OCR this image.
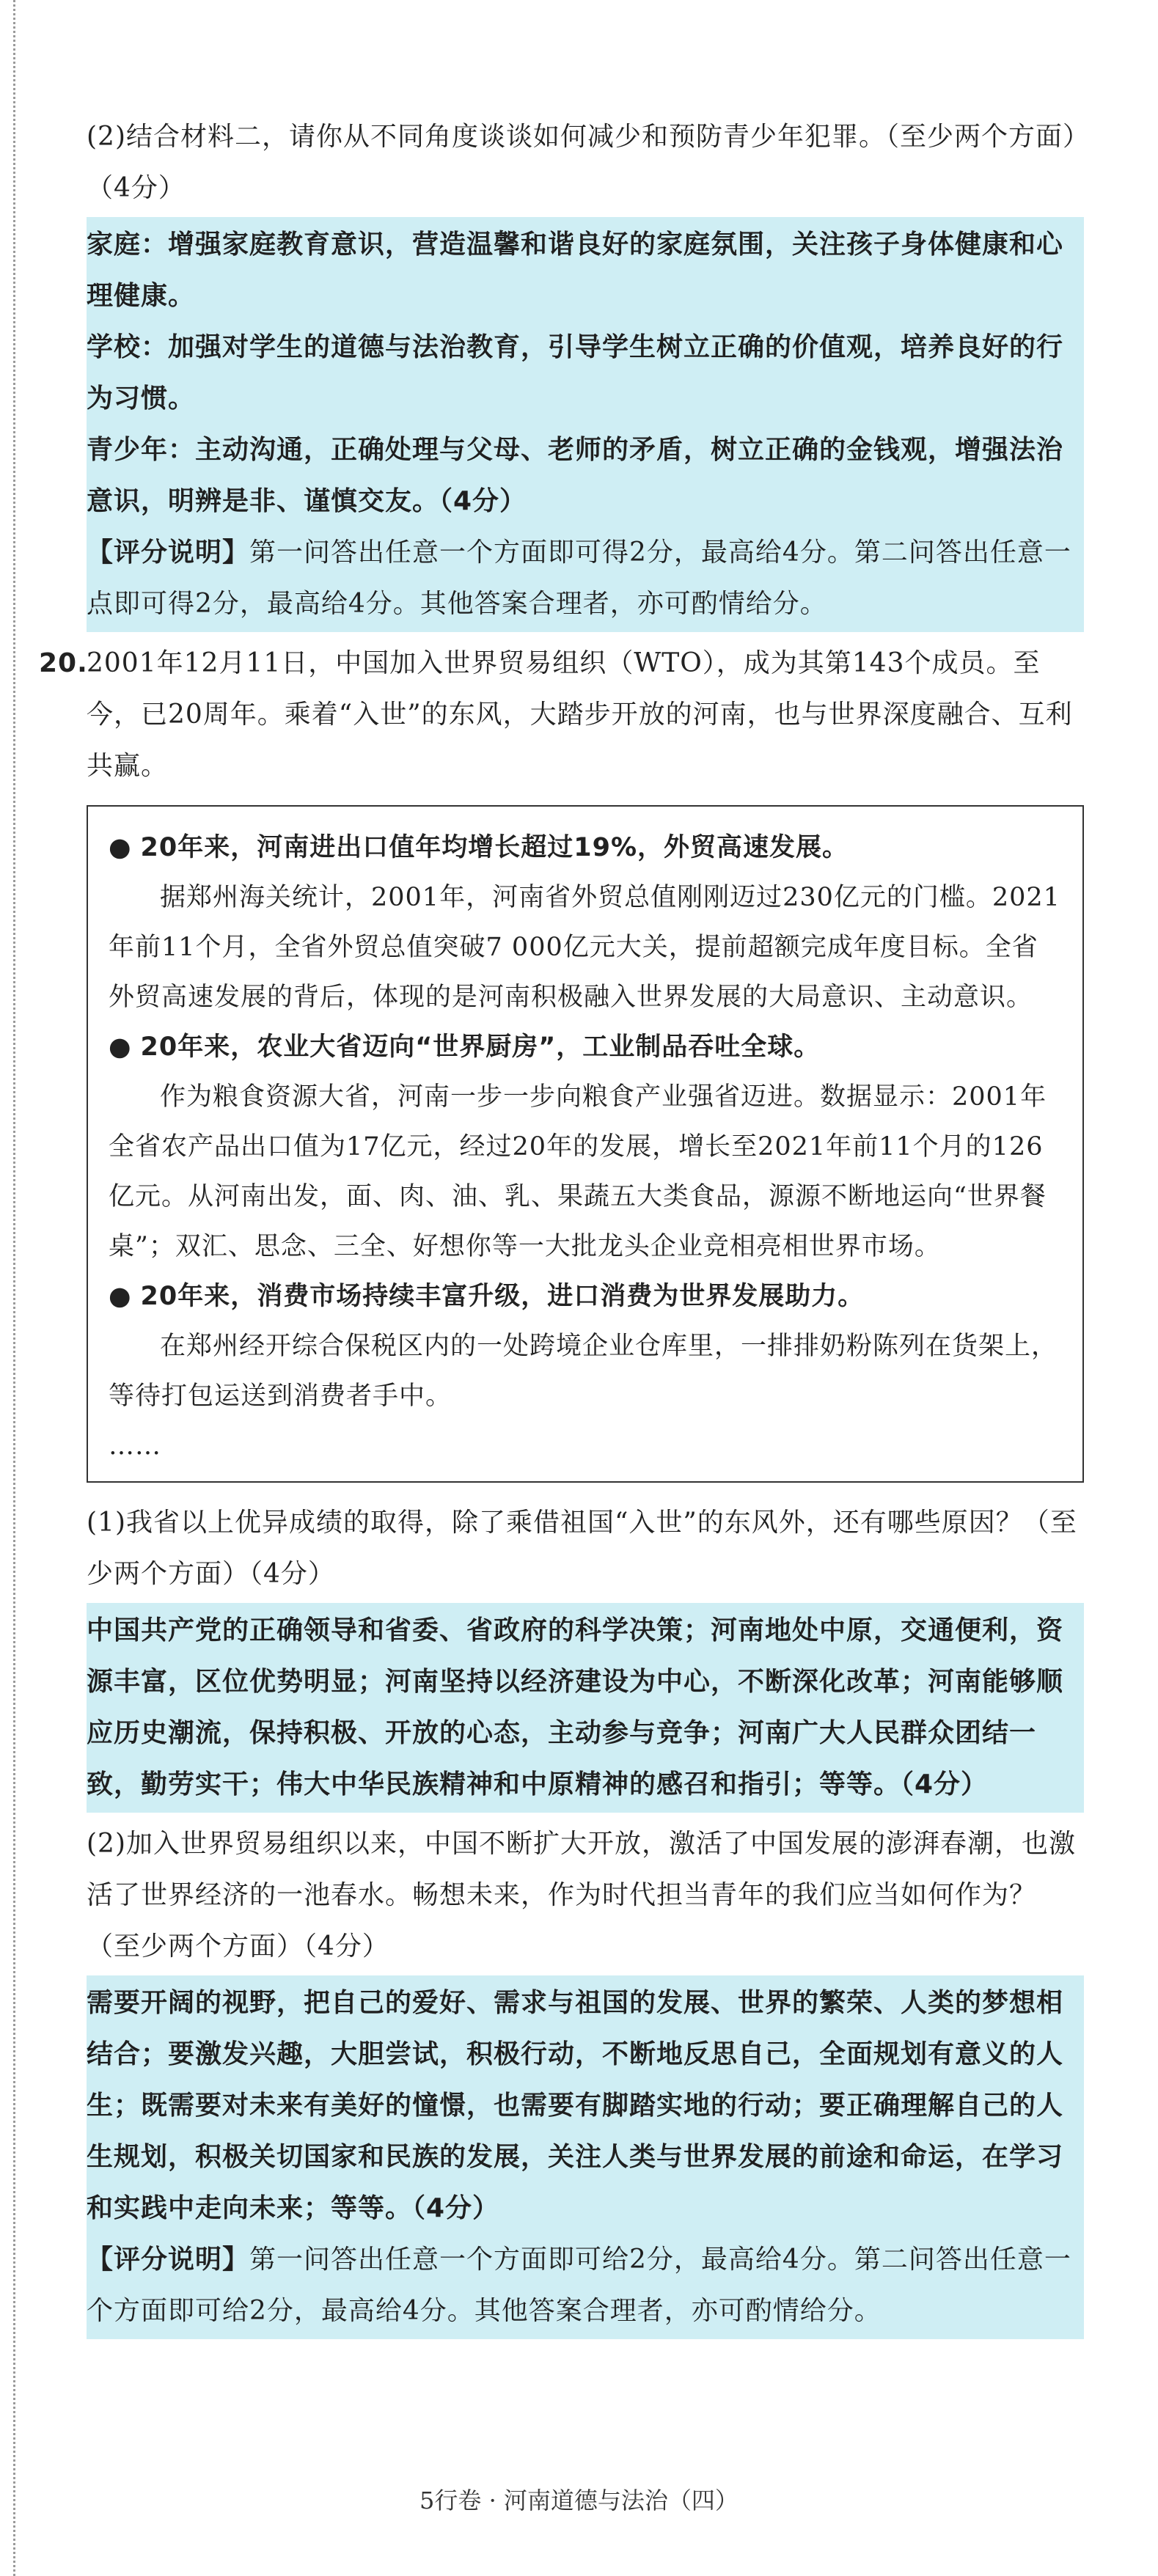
(2)结合材料二，请你从不同角度谈谈如何减少和预防青少年犯罪。（至少两个方面）（4分）

家庭：增强家庭教育意识，营造温馨和谐良好的家庭氛围，关注孩子身体健康和心理健康。

学校：加强对学生的道德与法治教育，引导学生树立正确的价值观，培养良好的行为习惯。

青少年：主动沟通，正确处理与父母、老师的矛盾，树立正确的金钱观，增强法治意识，明辨是非、谨慎交友。（4分）

【评分说明】第一问答出任意一个方面即可得2分，最高给4分。第二问答出任意一点即可得2分，最高给4分。其他答案合理者，亦可酌情给分。

20.

2001年12月11日，中国加入世界贸易组织（WTO），成为其第143个成员。至今，已20周年。乘着“入世”的东风，大踏步开放的河南，也与世界深度融合、互利共赢。

● 20年来，河南进出口值年均增长超过19%，外贸高速发展。

据郑州海关统计，2001年，河南省外贸总值刚刚迈过230亿元的门槛。2021年前11个月，全省外贸总值突破7 000亿元大关，提前超额完成年度目标。全省外贸高速发展的背后，体现的是河南积极融入世界发展的大局意识、主动意识。

● 20年来，农业大省迈向“世界厨房”，工业制品吞吐全球。

作为粮食资源大省，河南一步一步向粮食产业强省迈进。数据显示：2001年全省农产品出口值为17亿元，经过20年的发展，增长至2021年前11个月的126亿元。从河南出发，面、肉、油、乳、果蔬五大类食品，源源不断地运向“世界餐桌”；双汇、思念、三全、好想你等一大批龙头企业竞相亮相世界市场。

● 20年来，消费市场持续丰富升级，进口消费为世界发展助力。

在郑州经开综合保税区内的一处跨境企业仓库里，一排排奶粉陈列在货架上，等待打包运送到消费者手中。

……

(1)我省以上优异成绩的取得，除了乘借祖国“入世”的东风外，还有哪些原因？（至少两个方面）（4分）

中国共产党的正确领导和省委、省政府的科学决策；河南地处中原，交通便利，资源丰富，区位优势明显；河南坚持以经济建设为中心，不断深化改革；河南能够顺应历史潮流，保持积极、开放的心态，主动参与竞争；河南广大人民群众团结一致，勤劳实干；伟大中华民族精神和中原精神的感召和指引；等等。（4分）

(2)加入世界贸易组织以来，中国不断扩大开放，激活了中国发展的澎湃春潮，也激活了世界经济的一池春水。畅想未来，作为时代担当青年的我们应当如何作为？（至少两个方面）（4分）

需要开阔的视野，把自己的爱好、需求与祖国的发展、世界的繁荣、人类的梦想相结合；要激发兴趣，大胆尝试，积极行动，不断地反思自己，全面规划有意义的人生；既需要对未来有美好的憧憬，也需要有脚踏实地的行动；要正确理解自己的人生规划，积极关切国家和民族的发展，关注人类与世界发展的前途和命运，在学习和实践中走向未来；等等。（4分）

【评分说明】第一问答出任意一个方面即可给2分，最高给4分。第二问答出任意一个方面即可给2分，最高给4分。其他答案合理者，亦可酌情给分。

5行卷 · 河南道德与法治（四）
